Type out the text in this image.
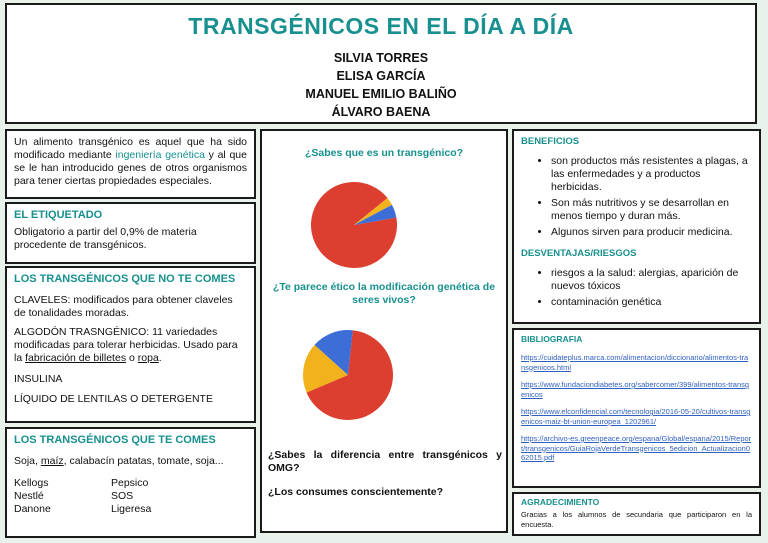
TRANSGÉNICOS EN EL DÍA A DÍA
SILVIA TORRES
ELISA GARCÍA
MANUEL EMILIO BALIÑO
ÁLVARO BAENA

Un alimento transgénico es aquel que ha sido modificado mediante ingeniería genética y al que se le han introducido genes de otros organismos para tener ciertas propiedades especiales.

EL ETIQUETADO

Obligatorio a partir del 0,9% de materia procedente de transgénicos.

LOS TRANSGÉNICOS QUE NO TE COMES

CLAVELES: modificados para obtener claveles de tonalidades moradas.

ALGODÓN TRASNGÉNICO: 11 variedades modificadas para tolerar herbicidas. Usado para la fabricación de billetes o ropa.

INSULINA

LÍQUIDO DE LENTILAS O DETERGENTE

LOS TRANSGÉNICOS QUE TE COMES

Soja, maíz, calabacín patatas, tomate, soja...

Kellogs
Nestlé
Danone
Pepsico
SOS
Ligeresa
¿Sabes que es un transgénico?
¿Te parece ético la modificación genética de seres vivos?
¿Sabes la diferencia entre transgénicos y OMG?
¿Los consumes conscientemente?
BENEFICIOS
• son productos más resistentes a plagas, a las enfermedades y a productos herbicidas.
• Son más nutritivos y se desarrollan en menos tiempo y duran más.
• Algunos sirven para producir medicina.
DESVENTAJAS/RIESGOS
• riesgos a la salud: alergias, aparición de nuevos tóxicos
• contaminación genética
BIBLIOGRAFIA
https://cuidateplus.marca.com/alimentacion/diccionario/alimentos-transgenicos.html
https://www.fundaciondiabetes.org/sabercomer/399/alimentos-transgenicos
https://www.elconfidencial.com/tecnologia/2016-05-20/cultivos-transgenicos-maiz-bt-union-europea_1202961/
https://archivo-es.greenpeace.org/espana/Global/espana/2015/Report/transgenicos/GuiaRojaVerdeTransgenicos_5edicion_Actualizacion062015.pdf
AGRADECIMIENTO

Gracias a los alumnos de secundaria que participaron en la encuesta.
